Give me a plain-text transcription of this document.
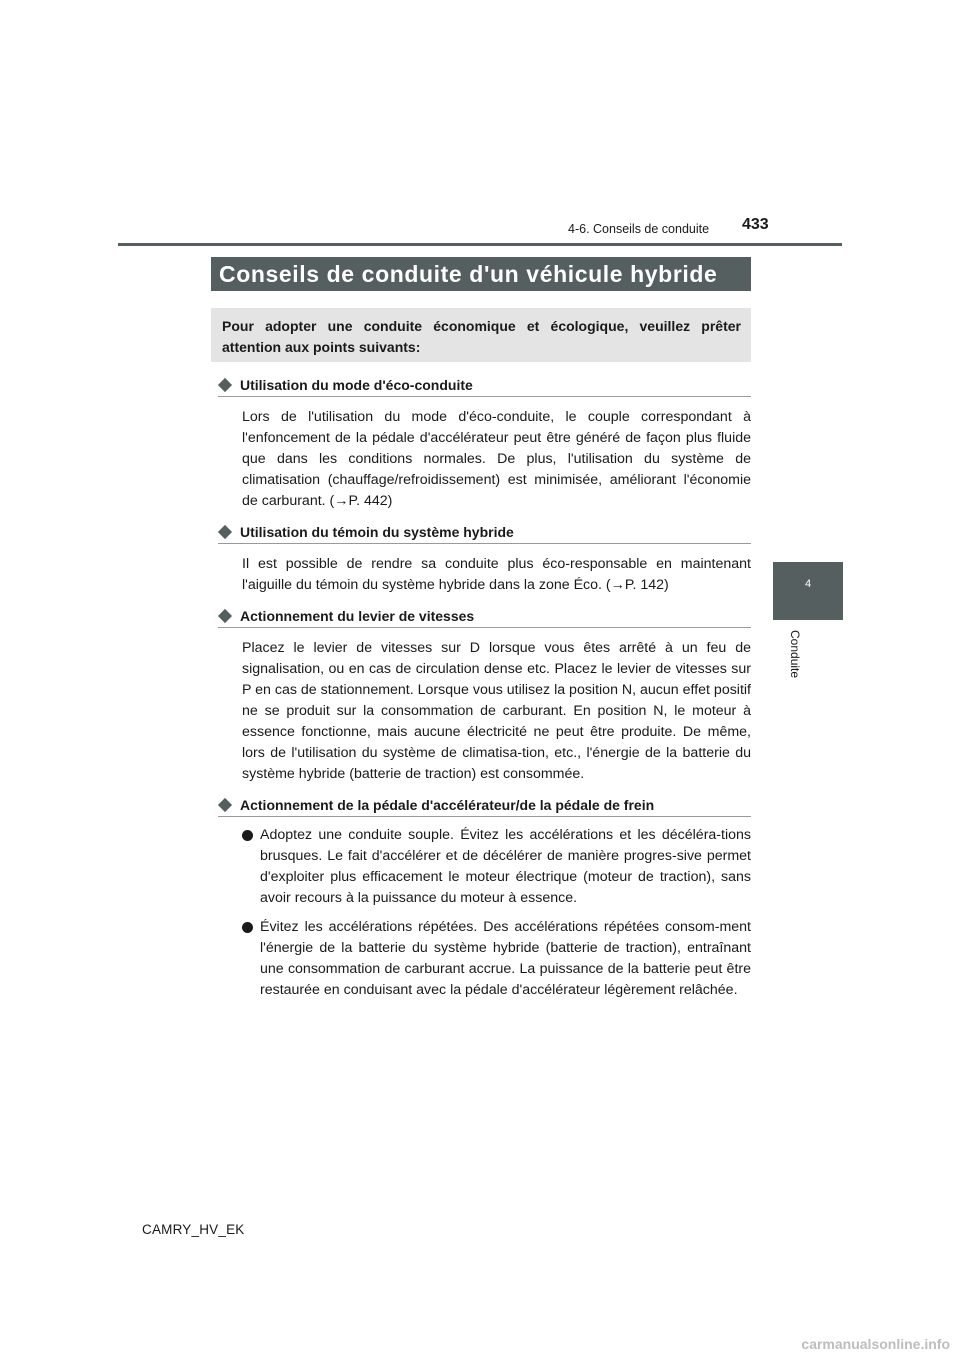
433
4-6. Conseils de conduite
4
Conduite
Conseils de conduite d'un véhicule hybride

Pour adopter une conduite économique et écologique, veuillez prêter attention aux points suivants:

Utilisation du mode d'éco-conduite

Lors de l'utilisation du mode d'éco-conduite, le couple correspondant à l'enfoncement de la pédale d'accélérateur peut être généré de façon plus fluide que dans les conditions normales. De plus, l'utilisation du système de climatisation (chauffage/refroidissement) est minimisée, améliorant l'économie de carburant. (→P. 442)

Utilisation du témoin du système hybride

Il est possible de rendre sa conduite plus éco-responsable en maintenant l'aiguille du témoin du système hybride dans la zone Éco. (→P. 142)

Actionnement du levier de vitesses

Placez le levier de vitesses sur D lorsque vous êtes arrêté à un feu de signalisation, ou en cas de circulation dense etc. Placez le levier de vitesses sur P en cas de stationnement. Lorsque vous utilisez la position N, aucun effet positif ne se produit sur la consommation de carburant. En position N, le moteur à essence fonctionne, mais aucune électricité ne peut être produite. De même, lors de l'utilisation du système de climatisa-tion, etc., l'énergie de la batterie du système hybride (batterie de traction) est consommée.

Actionnement de la pédale d'accélérateur/de la pédale de frein
Adoptez une conduite souple. Évitez les accélérations et les décéléra-tions brusques. Le fait d'accélérer et de décélérer de manière progres-sive permet d'exploiter plus efficacement le moteur électrique (moteur de traction), sans avoir recours à la puissance du moteur à essence.
Évitez les accélérations répétées. Des accélérations répétées consom-ment l'énergie de la batterie du système hybride (batterie de traction), entraînant une consommation de carburant accrue. La puissance de la batterie peut être restaurée en conduisant avec la pédale d'accélérateur légèrement relâchée.
CAMRY_HV_EK
carmanualsonline.info
